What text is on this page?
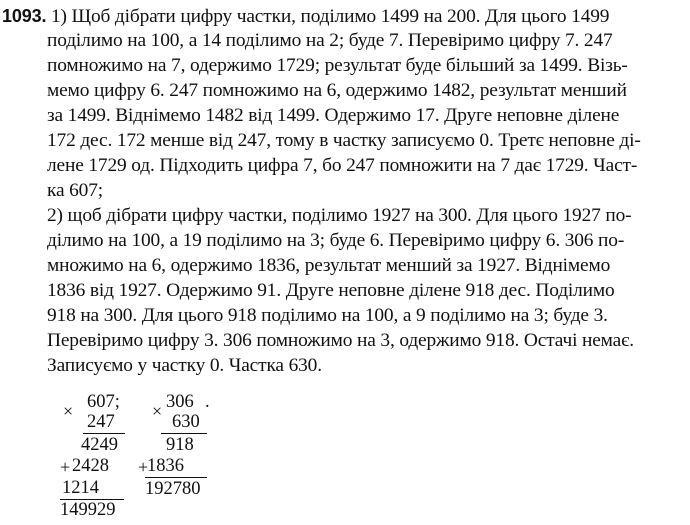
1093. 1) Щоб дібрати цифру частки, поділимо 1499 на 200. Для цього 1499
поділимо на 100, а 14 поділимо на 2; буде 7. Перевіримо цифру 7. 247
помножимо на 7, одержимо 1729; результат буде більший за 1499. Візь-
мемо цифру 6. 247 помножимо на 6, одержимо 1482, результат менший
за 1499. Віднімемо 1482 від 1499. Одержимо 17. Друге неповне ділене
172 дес. 172 менше від 247, тому в частку записуємо 0. Третє неповне ді-
лене 1729 од. Підходить цифра 7, бо 247 помножити на 7 дає 1729. Част-
ка 607;
2) щоб дібрати цифру частки, поділимо 1927 на 300. Для цього 1927 по-
ділимо на 100, а 19 поділимо на 3; буде 6. Перевіримо цифру 6. 306 по-
множимо на 6, одержимо 1836, результат менший за 1927. Віднімемо
1836 від 1927. Одержимо 91. Друге неповне ділене 918 дес. Поділимо
918 на 300. Для цього 918 поділимо на 100, а 9 поділимо на 3; буде 3.
Перевіримо цифру 3. 306 помножимо на 3, одержимо 918. Остачі немає.
Записуємо у частку 0. Частка 630.
× 607;
247
4249
+ 2428
1214
149929
× 306 .
630
918
+
1836
192780
